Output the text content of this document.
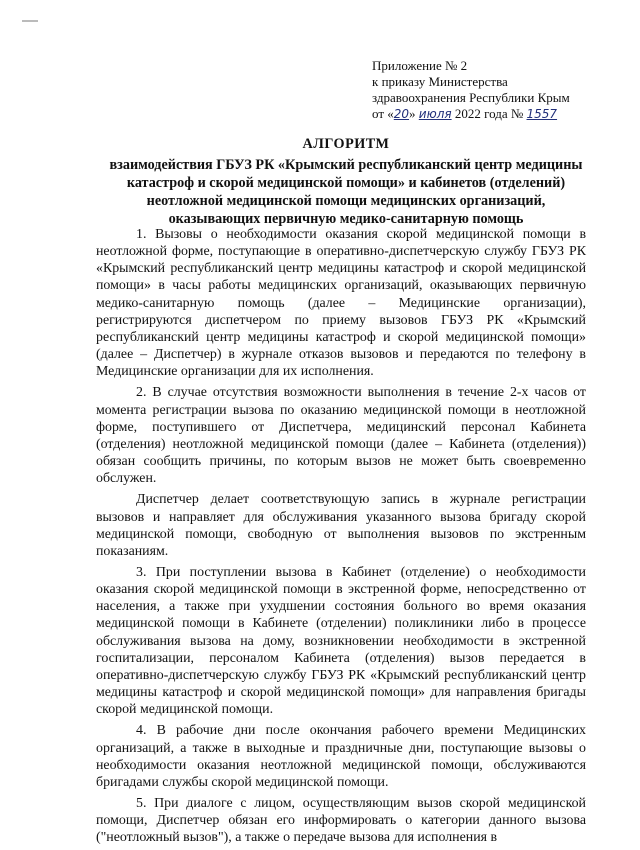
Приложение № 2
к приказу Министерства
здравоохранения Республики Крым
от «20» июля 2022 года № 1557
АЛГОРИТМ
взаимодействия ГБУЗ РК «Крымский республиканский центр медицины
катастроф и скорой медицинской помощи» и кабинетов (отделений)
неотложной медицинской помощи медицинских организаций,
оказывающих первичную медико-санитарную помощь

1. Вызовы о необходимости оказания скорой медицинской помощи в неотложной форме, поступающие в оперативно-диспетчерскую службу ГБУЗ РК «Крымский республиканский центр медицины катастроф и скорой медицинской помощи» в часы работы медицинских организаций, оказывающих первичную медико-санитарную помощь (далее – Медицинские организации), регистрируются диспетчером по приему вызовов ГБУЗ РК «Крымский республиканский центр медицины катастроф и скорой медицинской помощи» (далее – Диспетчер) в журнале отказов вызовов и передаются по телефону в Медицинские организации для их исполнения.

2. В случае отсутствия возможности выполнения в течение 2-х часов от момента регистрации вызова по оказанию медицинской помощи в неотложной форме, поступившего от Диспетчера, медицинский персонал Кабинета (отделения) неотложной медицинской помощи (далее – Кабинета (отделения)) обязан сообщить причины, по которым вызов не может быть своевременно обслужен.

Диспетчер делает соответствующую запись в журнале регистрации вызовов и направляет для обслуживания указанного вызова бригаду скорой медицинской помощи, свободную от выполнения вызовов по экстренным показаниям.

3. При поступлении вызова в Кабинет (отделение) о необходимости оказания скорой медицинской помощи в экстренной форме, непосредственно от населения, а также при ухудшении состояния больного во время оказания медицинской помощи в Кабинете (отделении) поликлиники либо в процессе обслуживания вызова на дому, возникновении необходимости в экстренной госпитализации, персоналом Кабинета (отделения) вызов передается в оперативно-диспетчерскую службу ГБУЗ РК «Крымский республиканский центр медицины катастроф и скорой медицинской помощи» для направления бригады скорой медицинской помощи.

4. В рабочие дни после окончания рабочего времени Медицинских организаций, а также в выходные и праздничные дни, поступающие вызовы о необходимости оказания неотложной медицинской помощи, обслуживаются бригадами службы скорой медицинской помощи.

5. При диалоге с лицом, осуществляющим вызов скорой медицинской помощи, Диспетчер обязан его информировать о категории данного вызова ("неотложный вызов"), а также о передаче вызова для исполнения в
